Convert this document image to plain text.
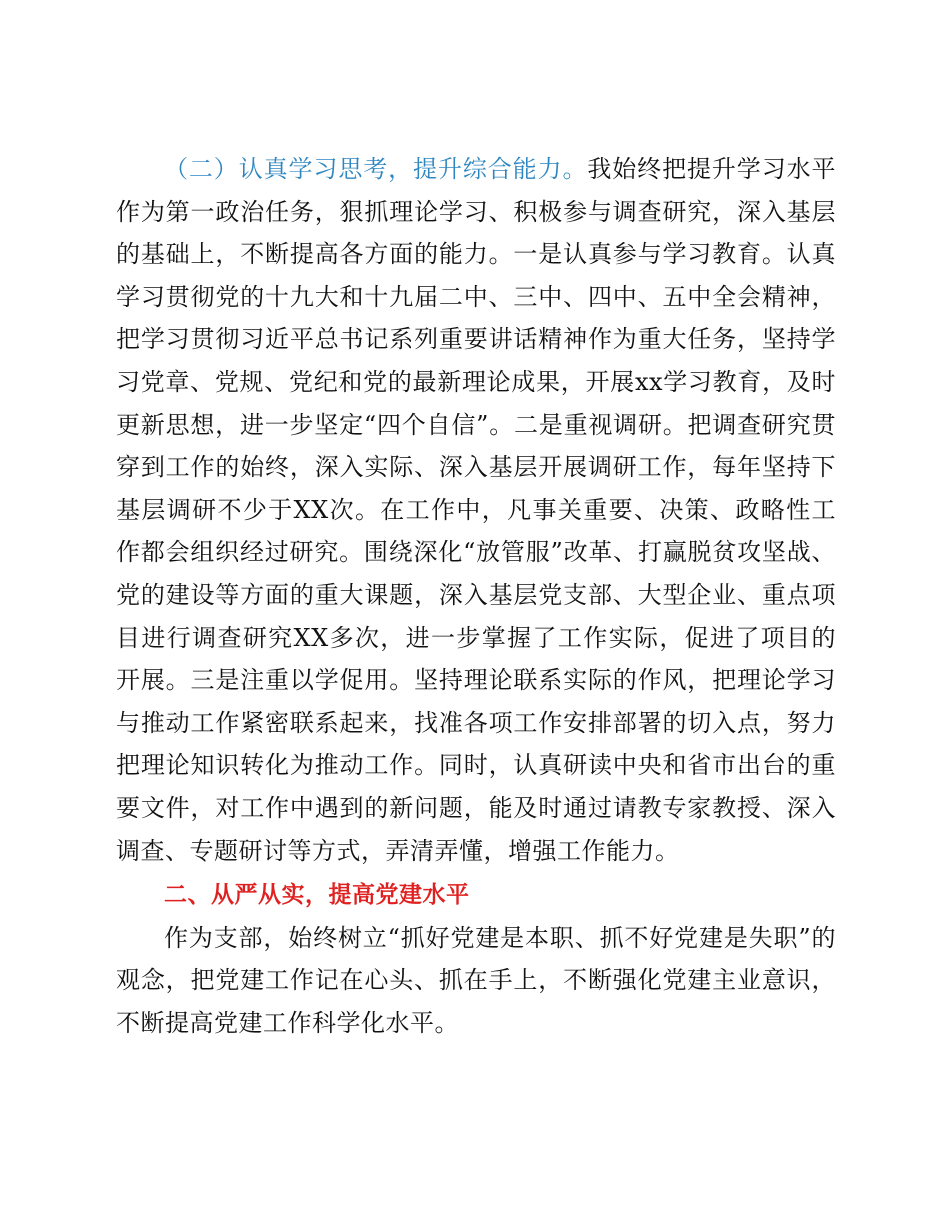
（二）认真学习思考，提升综合能力。我始终把提升学习水平作为第一政治任务，狠抓理论学习、积极参与调查研究，深入基层的基础上，不断提高各方面的能力。一是认真参与学习教育。认真学习贯彻党的十九大和十九届二中、三中、四中、五中全会精神，把学习贯彻习近平总书记系列重要讲话精神作为重大任务，坚持学习党章、党规、党纪和党的最新理论成果，开展xx学习教育，及时更新思想，进一步坚定“四个自信”。二是重视调研。把调查研究贯穿到工作的始终，深入实际、深入基层开展调研工作，每年坚持下基层调研不少于XX次。在工作中，凡事关重要、决策、政略性工作都会组织经过研究。围绕深化“放管服”改革、打赢脱贫攻坚战、党的建设等方面的重大课题，深入基层党支部、大型企业、重点项目进行调查研究XX多次，进一步掌握了工作实际，促进了项目的开展。三是注重以学促用。坚持理论联系实际的作风，把理论学习与推动工作紧密联系起来，找准各项工作安排部署的切入点，努力把理论知识转化为推动工作。同时，认真研读中央和省市出台的重要文件，对工作中遇到的新问题，能及时通过请教专家教授、深入调查、专题研讨等方式，弄清弄懂，增强工作能力。

二、从严从实，提高党建水平

作为支部，始终树立“抓好党建是本职、抓不好党建是失职”的观念，把党建工作记在心头、抓在手上，不断强化党建主业意识，不断提高党建工作科学化水平。
